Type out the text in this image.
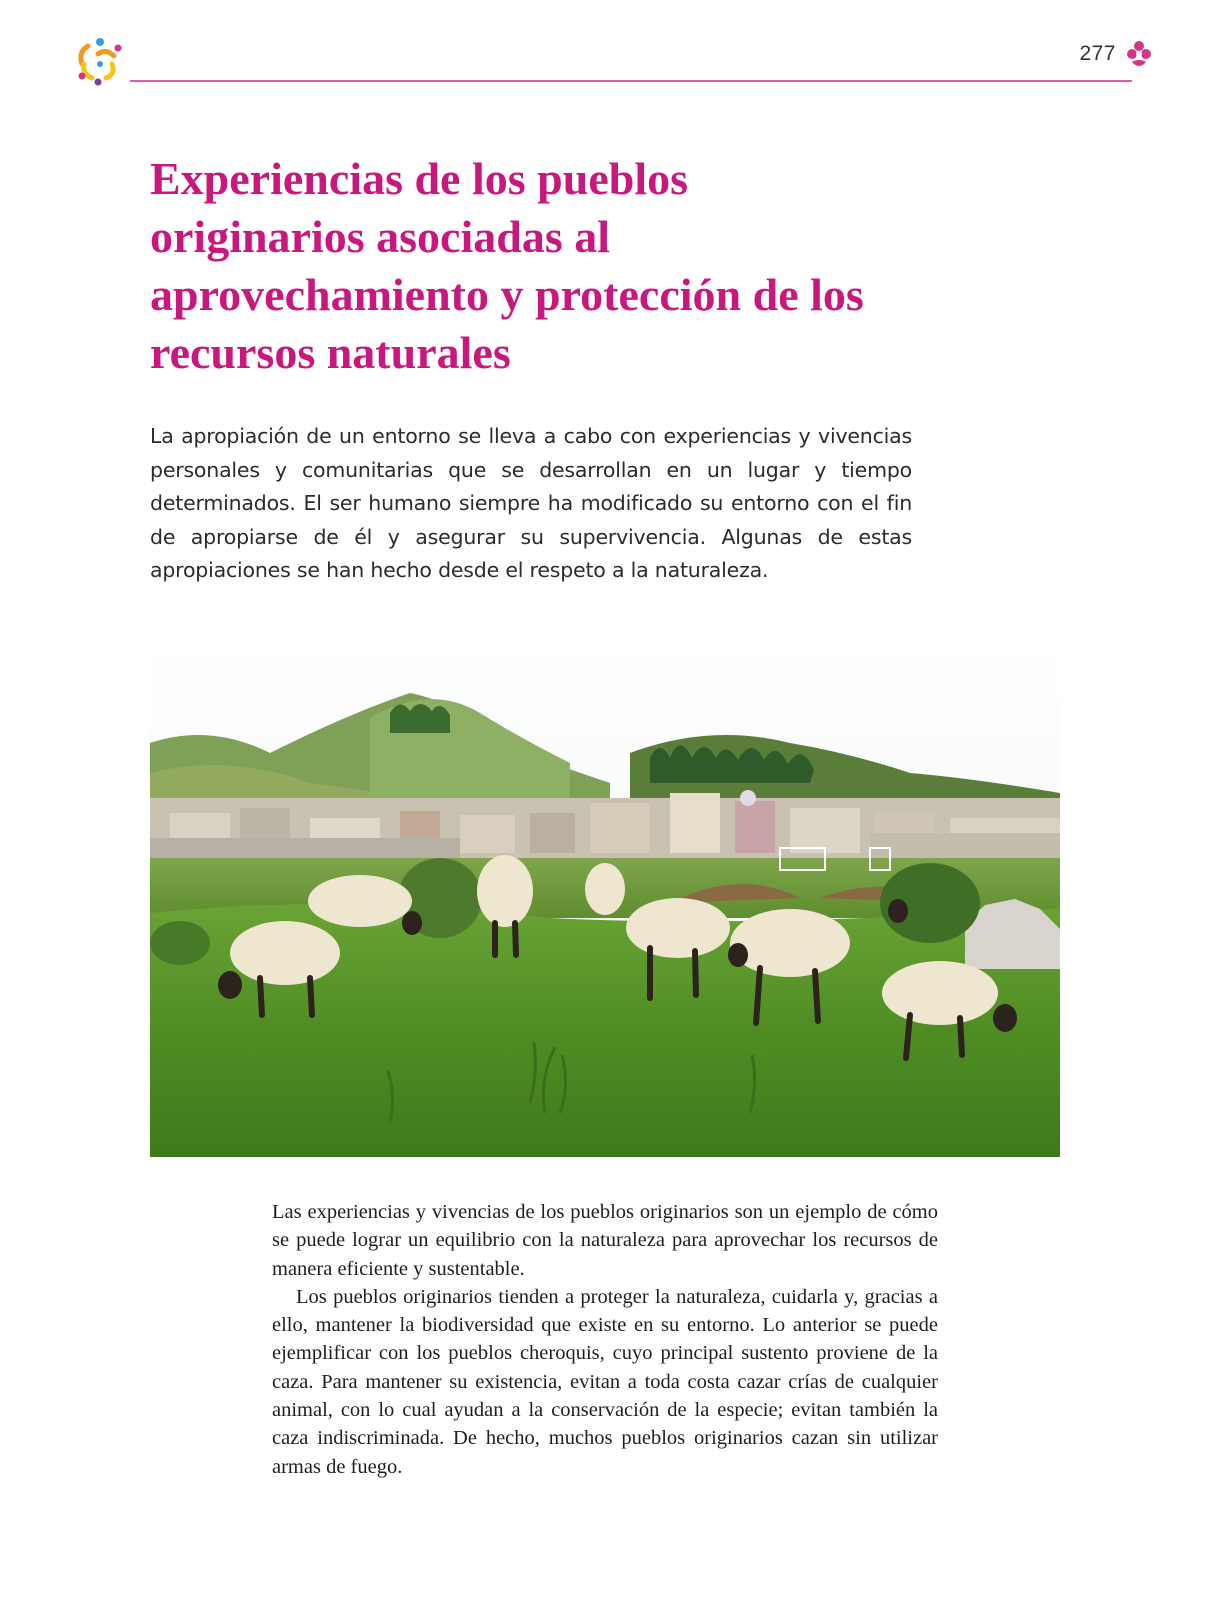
277
Experiencias de los pueblos originarios asociadas al aprovechamiento y protección de los recursos naturales

La apropiación de un entorno se lleva a cabo con experiencias y vivencias personales y comunitarias que se desarrollan en un lugar y tiempo determinados. El ser humano siempre ha modificado su entorno con el fin de apropiarse de él y asegurar su supervivencia. Algunas de estas apropiaciones se han hecho desde el respeto a la naturaleza.

Las experiencias y vivencias de los pueblos originarios son un ejemplo de cómo se puede lograr un equilibrio con la naturaleza para aprovechar los recursos de manera eficiente y sustentable.

Los pueblos originarios tienden a proteger la naturaleza, cuidarla y, gracias a ello, mantener la biodiversidad que existe en su entorno. Lo anterior se puede ejemplificar con los pueblos cheroquis, cuyo principal sustento proviene de la caza. Para mantener su existencia, evitan a toda costa cazar crías de cualquier animal, con lo cual ayudan a la conservación de la especie; evitan también la caza indiscriminada. De hecho, muchos pueblos originarios cazan sin utilizar armas de fuego.
